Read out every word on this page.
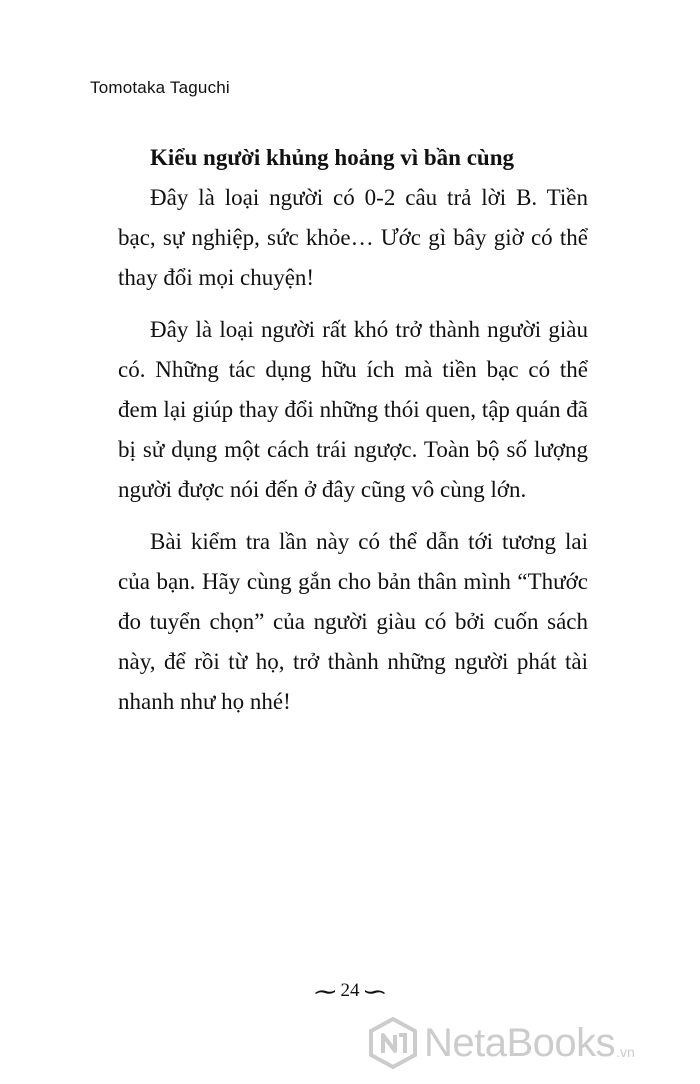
Tomotaka Taguchi
Kiểu người khủng hoảng vì bần cùng

Đây là loại người có 0-2 câu trả lời B. Tiền bạc, sự nghiệp, sức khỏe… Ước gì bây giờ có thể thay đổi mọi chuyện!

Đây là loại người rất khó trở thành người giàu có. Những tác dụng hữu ích mà tiền bạc có thể đem lại giúp thay đổi những thói quen, tập quán đã bị sử dụng một cách trái ngược. Toàn bộ số lượng người được nói đến ở đây cũng vô cùng lớn.

Bài kiểm tra lần này có thể dẫn tới tương lai của bạn. Hãy cùng gắn cho bản thân mình “Thước đo tuyển chọn” của người giàu có bởi cuốn sách này, để rồi từ họ, trở thành những người phát tài nhanh như họ nhé!

24
NetaBooks .vn
